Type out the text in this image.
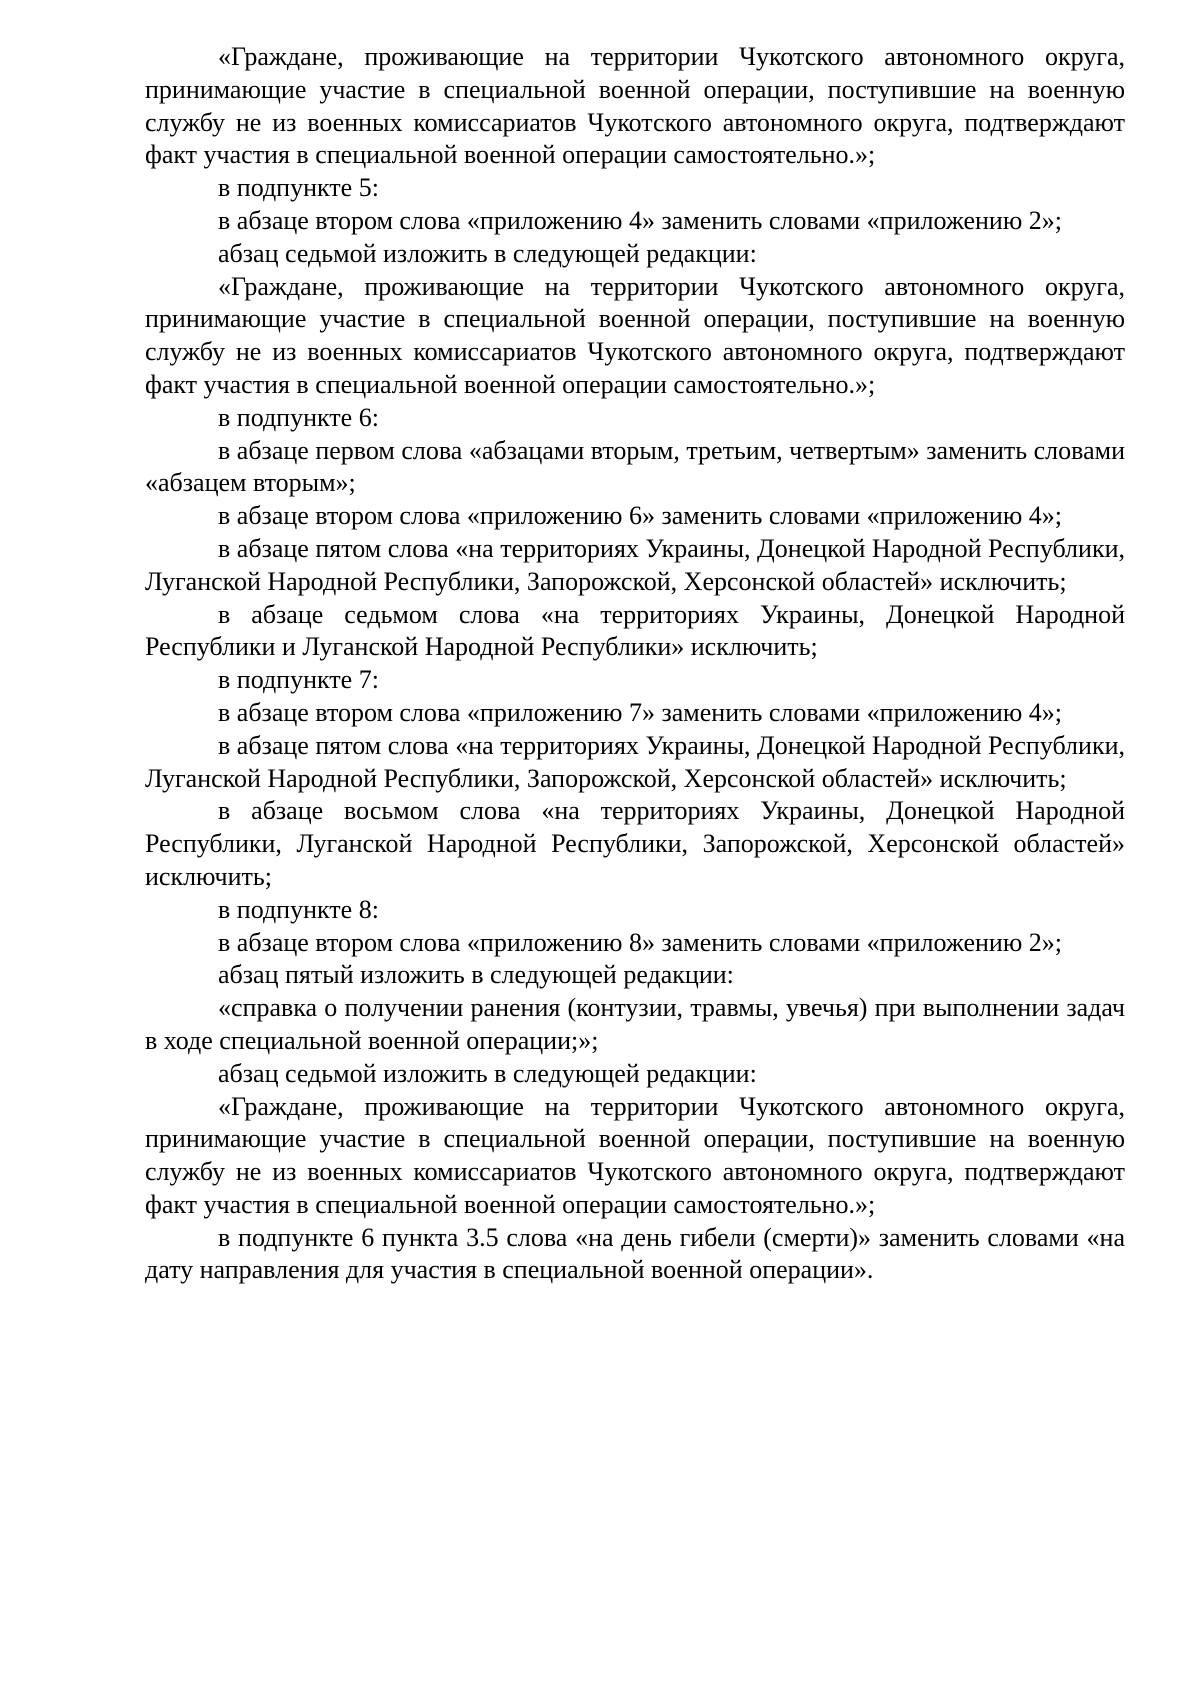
«Граждане, проживающие на территории Чукотского автономного округа, принимающие участие в специальной военной операции, поступившие на военную службу не из военных комиссариатов Чукотского автономного округа, подтверждают факт участия в специальной военной операции самостоятельно.»;

в подпункте 5:

в абзаце втором слова «приложению 4» заменить словами «приложению 2»;

абзац седьмой изложить в следующей редакции:

«Граждане, проживающие на территории Чукотского автономного округа, принимающие участие в специальной военной операции, поступившие на военную службу не из военных комиссариатов Чукотского автономного округа, подтверждают факт участия в специальной военной операции самостоятельно.»;

в подпункте 6:

в абзаце первом слова «абзацами вторым, третьим, четвертым» заменить словами «абзацем вторым»;

в абзаце втором слова «приложению 6» заменить словами «приложению 4»;

в абзаце пятом слова «на территориях Украины, Донецкой Народной Республики, Луганской Народной Республики, Запорожской, Херсонской областей» исключить;

в абзаце седьмом слова «на территориях Украины, Донецкой Народной Республики и Луганской Народной Республики» исключить;

в подпункте 7:

в абзаце втором слова «приложению 7» заменить словами «приложению 4»;

в абзаце пятом слова «на территориях Украины, Донецкой Народной Республики, Луганской Народной Республики, Запорожской, Херсонской областей» исключить;

в абзаце восьмом слова «на территориях Украины, Донецкой Народной Республики, Луганской Народной Республики, Запорожской, Херсонской областей» исключить;

в подпункте 8:

в абзаце втором слова «приложению 8» заменить словами «приложению 2»;

абзац пятый изложить в следующей редакции:

«справка о получении ранения (контузии, травмы, увечья) при выполнении задач в ходе специальной военной операции;»;

абзац седьмой изложить в следующей редакции:

«Граждане, проживающие на территории Чукотского автономного округа, принимающие участие в специальной военной операции, поступившие на военную службу не из военных комиссариатов Чукотского автономного округа, подтверждают факт участия в специальной военной операции самостоятельно.»;

в подпункте 6 пункта 3.5 слова «на день гибели (смерти)» заменить словами «на дату направления для участия в специальной военной операции».
